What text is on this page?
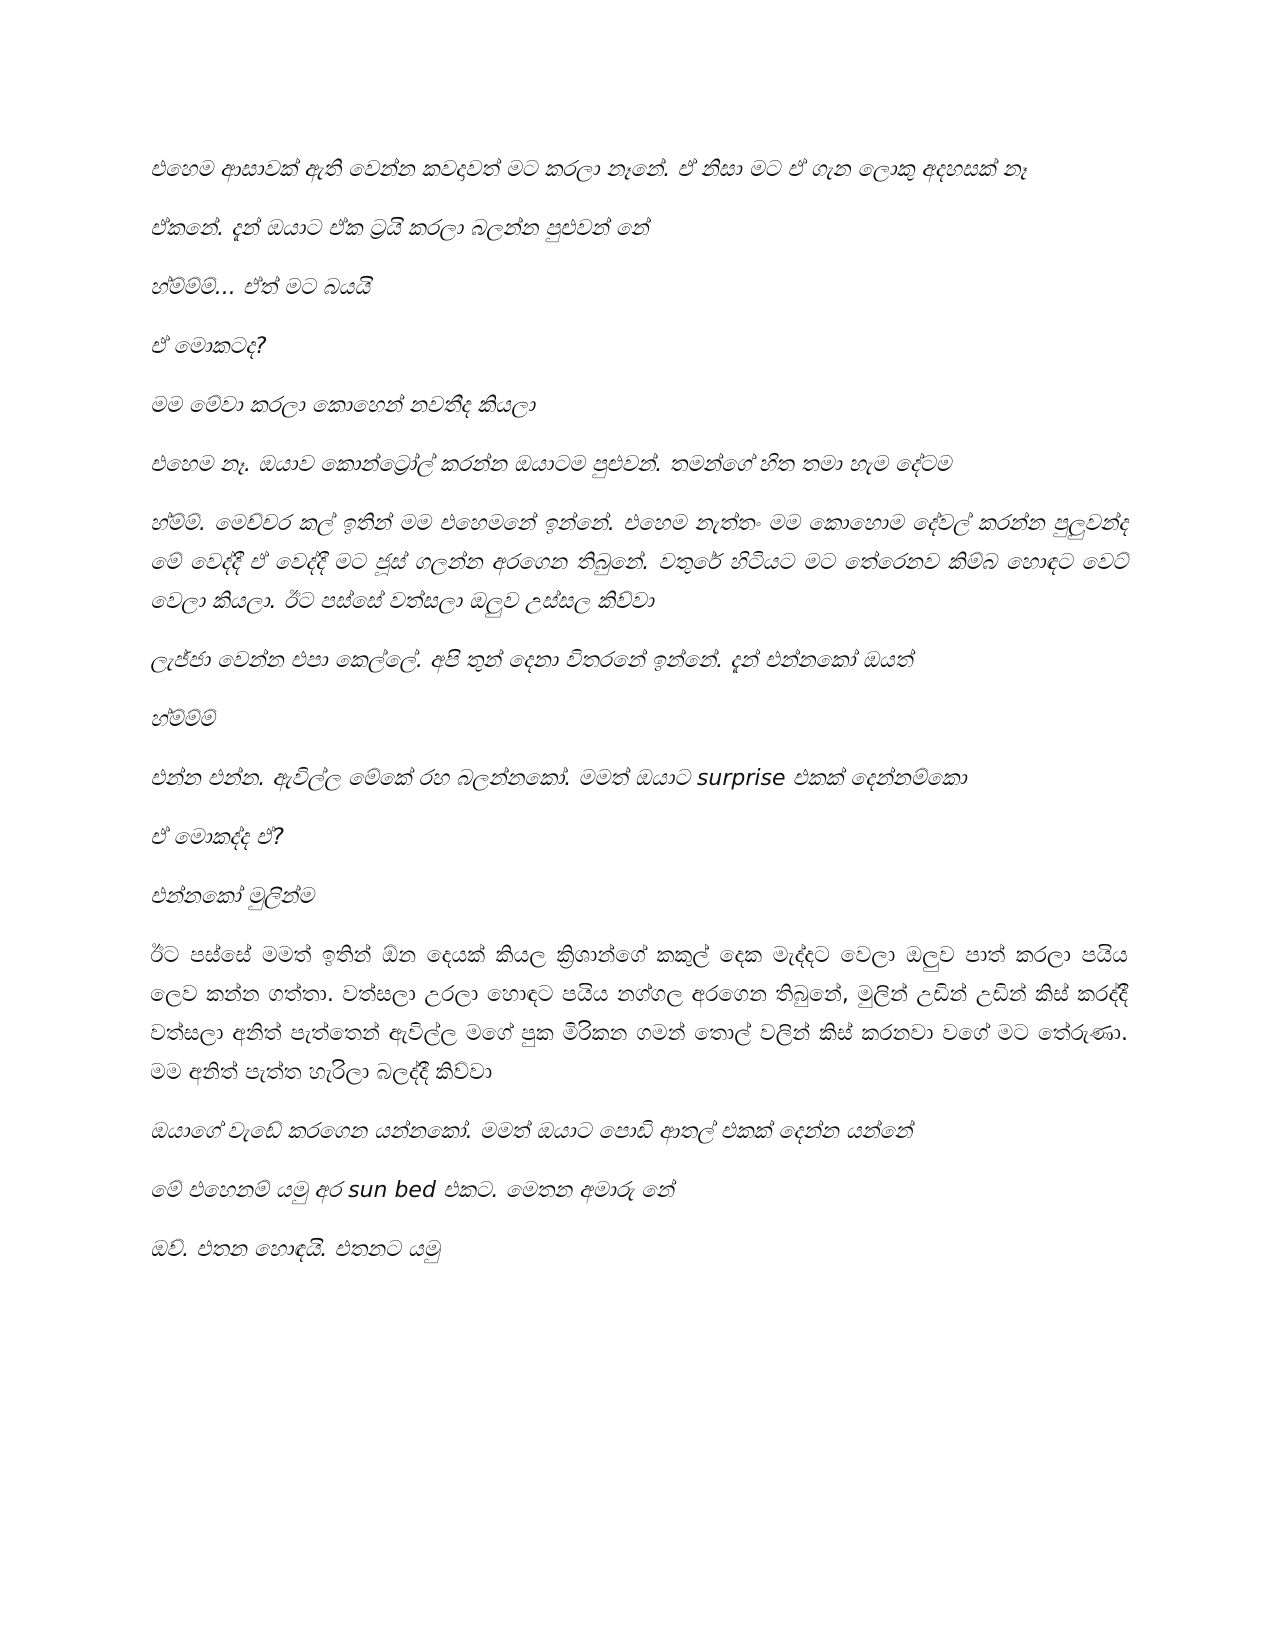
එහෙම ආසාවක් ඇති වෙන්න කවදාවත් මට කරලා නෑනේ. ඒ නිසා මට ඒ ගැන ලොකු අදහසක් නෑ

ඒකනේ. දැන් ඔයාට ඒක ට්‍රයි කරලා බලන්න පුළුවන් නේ

හ්ම්ම්ම්... ඒත් මට බයයි

ඒ මොකටද?

මම මේවා කරලා කොහෙන් නවතීද කියලා

එහෙම නෑ. ඔයාව කොන්ට්‍රෝල් කරන්න ඔයාටම පුළුවන්. තමන්ගේ හිත තමා හැම දේටම

හ්ම්ම්. මෙච්චර කල් ඉතින් මම එහෙමනේ ඉන්නේ. එහෙම නැත්තං මම කොහොම දේවල් කරන්න පුලුවන්ද මේ වෙද්දී ඒ වෙද්දී මට ජූස් ගලන්න අරගෙන තිබුනේ. වතුරේ හිටියට මට තේරෙනව කිම්බ හොඳට වෙට් වෙලා කියලා. ඊට පස්සේ වත්සලා ඔලුව උස්සල කිව්වා

ලැජ්ජා වෙන්න එපා කෙල්ලේ. අපි තුන් දෙනා විතරනේ ඉන්නේ. දැන් එන්නකෝ ඔයත්

හ්ම්ම්ම්

එන්න එන්න. ඇවිල්ල මේකේ රහ බලන්නකෝ. මමත් ඔයාට surprise එකක් දෙන්නම්කො

ඒ මොකද්ද ඒ?

එන්නකෝ මුලින්ම

ඊට පස්සේ මමත් ඉතින් ඕන දෙයක් කියල ක්‍රිශාන්ගේ කකුල් දෙක මැද්දට වෙලා ඔලුව පාත් කරලා පයිය ලෙව කන්න ගත්තා. වත්සලා උරලා හොඳට පයිය නග්ගල අරගෙන තිබුනේ, මුලින් උඩින් උඩින් කිස් කරද්දී වත්සලා අනිත් පැත්තෙන් ඇවිල්ල මගේ පුක මිරිකන ගමන් තොල් වලින් කිස් කරනවා වගේ මට තේරුණා. මම අනිත් පැත්ත හැරිලා බලද්දී කිව්වා

ඔයාගේ වැඩේ කරගෙන යන්නකෝ. මමත් ඔයාට පොඩි ආතල් එකක් දෙන්න යන්නේ

මේ එහෙනම් යමු අර sun bed එකට. මෙතන අමාරු නේ

ඔව්. එතන හොඳයි. එතනට යමු
